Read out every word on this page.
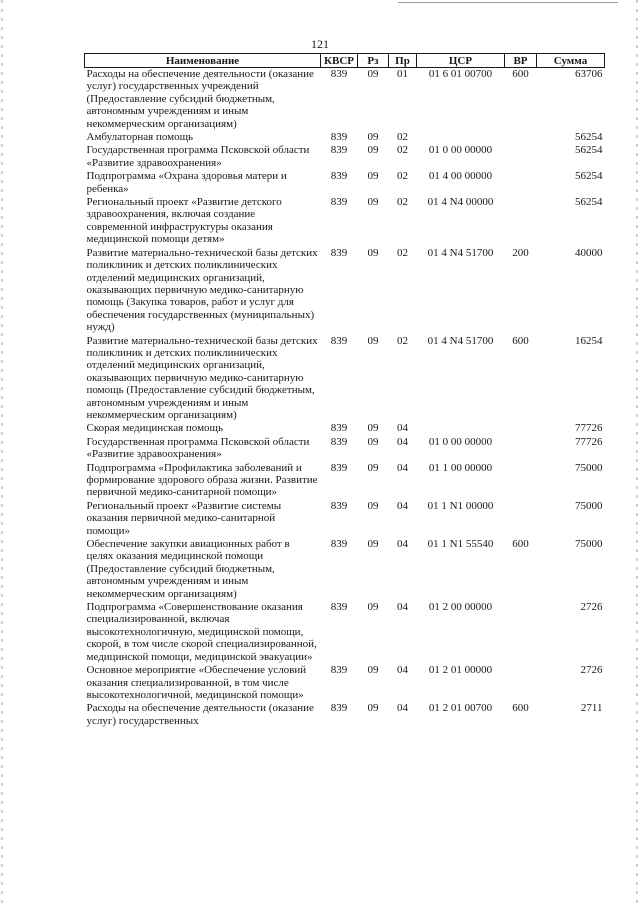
121
Наименование	КВСР	Рз	Пр	ЦСР	ВР	Сумма
Расходы на обеспечение деятельности (оказание услуг) государственных учреждений (Предоставление субсидий бюджетным, автономным учреждениям и иным некоммерческим организациям)	839	09	01	01 6 01 00700	600	63706
Амбулаторная помощь	839	09	02			56254
Государственная программа Псковской области «Развитие здравоохранения»	839	09	02	01 0 00 00000		56254
Подпрограмма «Охрана здоровья матери и ребенка»	839	09	02	01 4 00 00000		56254
Региональный проект «Развитие детского здравоохранения, включая создание современной инфраструктуры оказания медицинской помощи детям»	839	09	02	01 4 N4 00000		56254
Развитие материально-технической базы детских поликлиник и детских поликлинических отделений медицинских организаций, оказывающих первичную медико-санитарную помощь (Закупка товаров, работ и услуг для обеспечения государственных (муниципальных) нужд)	839	09	02	01 4 N4 51700	200	40000
Развитие материально-технической базы детских поликлиник и детских поликлинических отделений медицинских организаций, оказывающих первичную медико-санитарную помощь (Предоставление субсидий бюджетным, автономным учреждениям и иным некоммерческим организациям)	839	09	02	01 4 N4 51700	600	16254
Скорая медицинская помощь	839	09	04			77726
Государственная программа Псковской области «Развитие здравоохранения»	839	09	04	01 0 00 00000		77726
Подпрограмма «Профилактика заболеваний и формирование здорового образа жизни. Развитие первичной медико-санитарной помощи»	839	09	04	01 1 00 00000		75000
Региональный проект «Развитие системы оказания первичной медико-санитарной помощи»	839	09	04	01 1 N1 00000		75000
Обеспечение закупки авиационных работ в целях оказания медицинской помощи (Предоставление субсидий бюджетным, автономным учреждениям и иным некоммерческим организациям)	839	09	04	01 1 N1 55540	600	75000
Подпрограмма «Совершенствование оказания специализированной, включая высокотехнологичную, медицинской помощи, скорой, в том числе скорой специализированной, медицинской помощи, медицинской эвакуации»	839	09	04	01 2 00 00000		2726
Основное мероприятие «Обеспечение условий оказания специализированной, в том числе высокотехнологичной, медицинской помощи»	839	09	04	01 2 01 00000		2726
Расходы на обеспечение деятельности (оказание услуг) государственных	839	09	04	01 2 01 00700	600	2711
